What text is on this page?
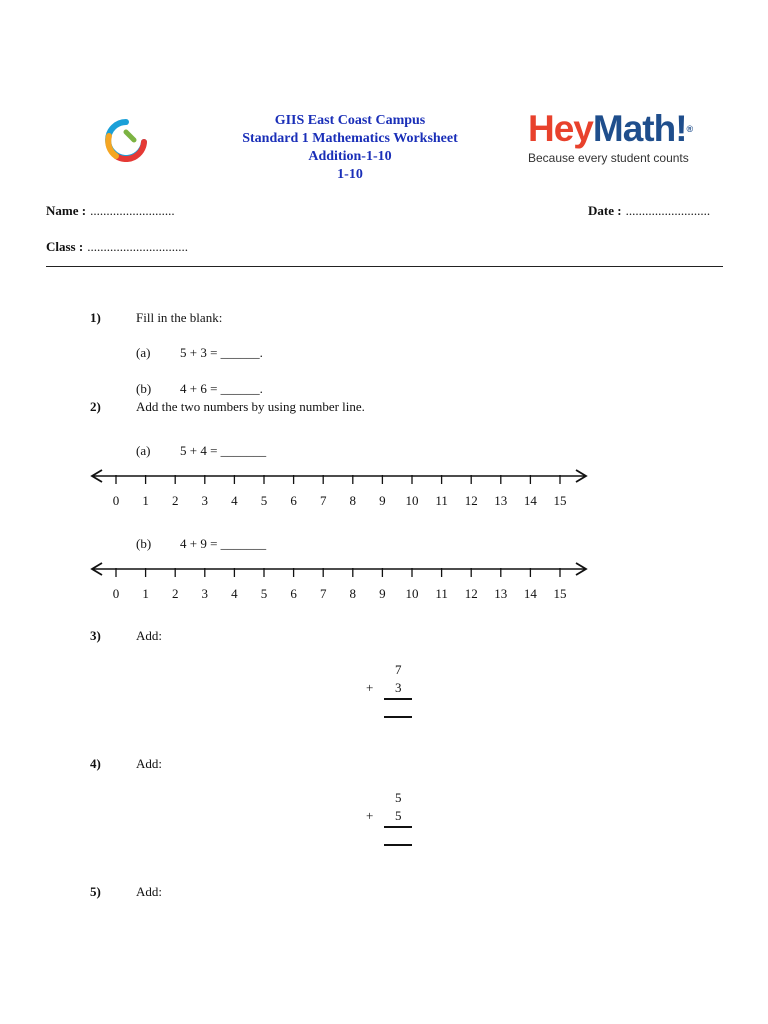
GIIS East Coast Campus
Standard 1 Mathematics Worksheet
Addition-1-10
1-10
HeyMath!®
Because every student counts
Name : ..........................	Date : ..........................
Class : ...............................
1)	Fill in the blank:
(a) 5 + 3 = ______.
(b) 4 + 6 = ______.
2)	Add the two numbers by using number line.
(a) 5 + 4 = _______
0 1 2 3 4 5 6 7 8 9 10 11 12 13 14 15
(b) 4 + 9 = _______
0 1 2 3 4 5 6 7 8 9 10 11 12 13 14 15
3)	Add:
7
+ 3
4)	Add:
5
+ 5
5)	Add:
